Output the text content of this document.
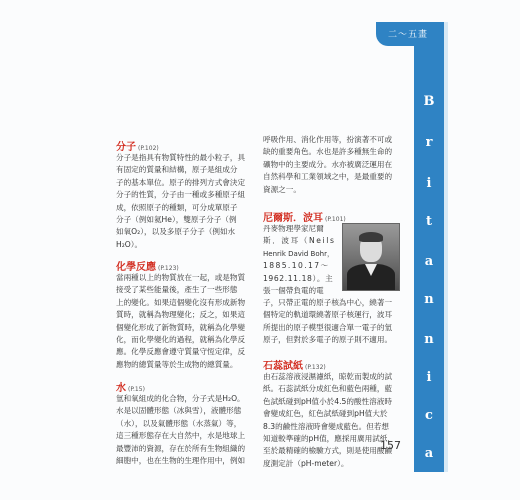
二〜五畫
B
r
i
t
a
n
n
i
c
a
157
分子 (P.102)
分子是指具有物質特性的最小粒子，具
有固定的質量和結構，原子是組成分
子的基本單位。原子的排列方式會決定
分子的性質，分子由一種或多種原子組
成，依照原子的種類，可分成單原子
分子（例如氦He），雙原子分子（例
如氧O₂），以及多原子分子（例如水
H₂O）。
化學反應 (P.123)
當兩種以上的物質放在一起，或是物質
接受了某些能量後，產生了一些形態
上的變化。如果這個變化沒有形成新物
質時，就稱為物理變化；反之，如果這
個變化形成了新物質時，就稱為化學變
化，而化學變化的過程，就稱為化學反
應。化學反應會遵守質量守恆定律，反
應物的總質量等於生成物的總質量。
水 (P.15)
氫和氧組成的化合物，分子式是H₂O。
水是以固體形態（冰與雪），液體形態
（水），以及氣體形態（水蒸氣）等，
這三種形態存在大自然中，水是地球上
最豐沛的資源，存在於所有生物組織的
細胞中，也在生物的生理作用中，例如
呼吸作用、消化作用等，扮演著不可或
缺的重要角色。水也是許多種無生命的
礦物中的主要成分。水亦被廣泛運用在
自然科學和工業領域之中，是最重要的
資源之一。
尼爾斯．波耳 (P.101)
丹麥物理學家尼爾
斯．波耳（Neils
Henrik David Bohr，
1885.10.17〜
1962.11.18）。主
張一個帶負電的電
子，只帶正電的原子核為中心，繞著一
個特定的軌道環繞著原子核運行，波耳
所提出的原子模型很適合單一電子的氫
原子，但對於多電子的原子則不適用。
石蕊試紙 (P.132)
由石蕊溶液浸濕濾紙，晾乾而製成的試
紙。石蕊試紙分成紅色和藍色兩種，藍
色試紙碰到pH值小於4.5的酸性溶液時
會變成紅色，紅色試紙碰到pH值大於
8.3的鹼性溶液時會變成藍色。但若想
知道較準確的pH值，應採用廣用試紙，
至於最精確的檢驗方式，則是使用酸鹼
度測定計（pH-meter）。
